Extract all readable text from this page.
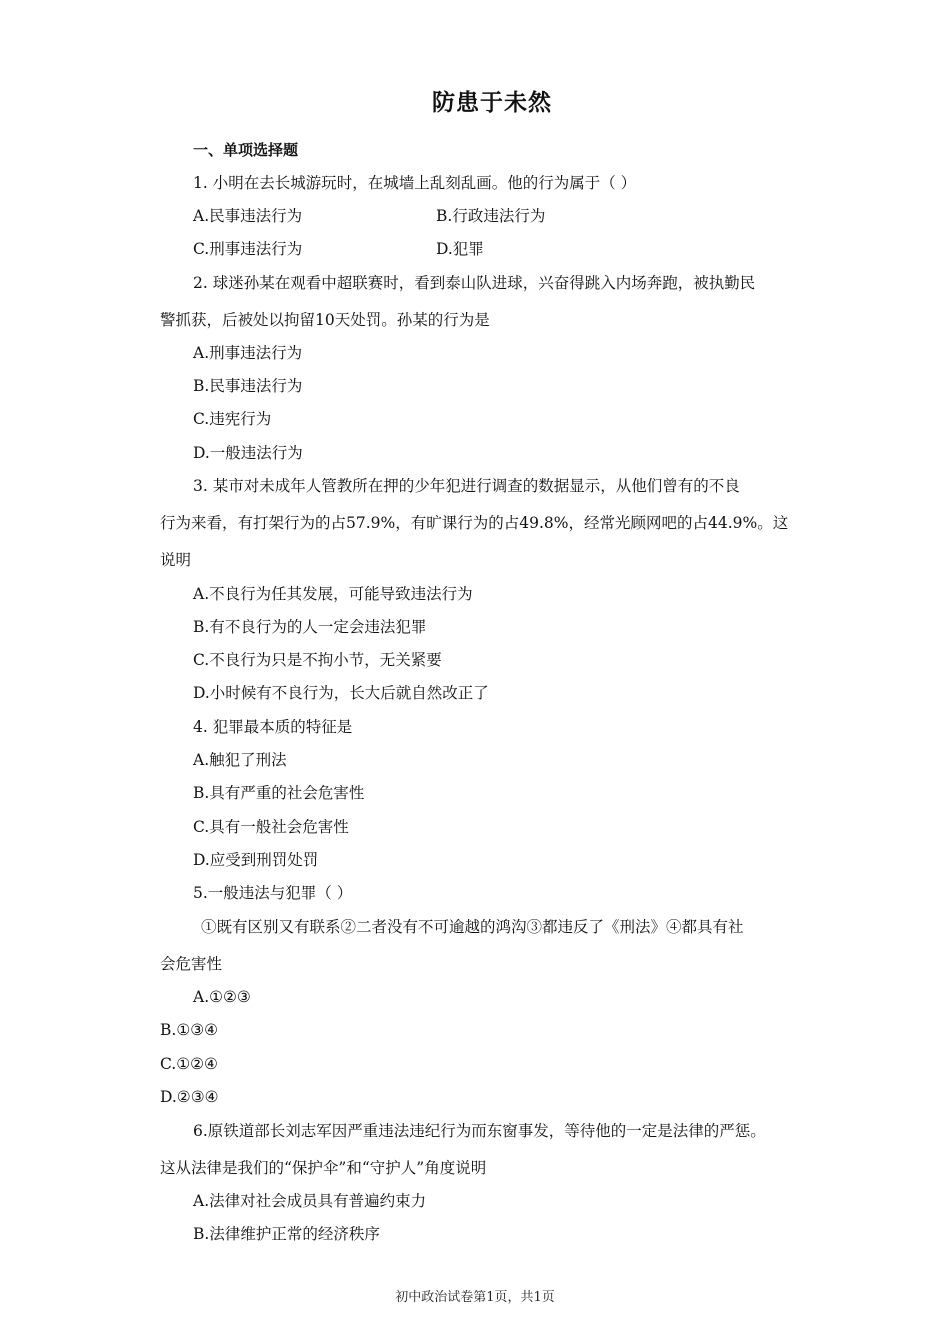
防患于未然
一、单项选择题
1. 小明在去长城游玩时，在城墙上乱刻乱画。他的行为属于（ ）
A.民事违法行为	B.行政违法行为
C.刑事违法行为	D.犯罪
2. 球迷孙某在观看中超联赛时，看到泰山队进球，兴奋得跳入内场奔跑，被执勤民
警抓获，后被处以拘留10天处罚。孙某的行为是
A.刑事违法行为
B.民事违法行为
C.违宪行为
D.一般违法行为
3. 某市对未成年人管教所在押的少年犯进行调查的数据显示，从他们曾有的不良
行为来看，有打架行为的占57.9%，有旷课行为的占49.8%，经常光顾网吧的占44.9%。这
说明
A.不良行为任其发展，可能导致违法行为
B.有不良行为的人一定会违法犯罪
C.不良行为只是不拘小节，无关紧要
D.小时候有不良行为，长大后就自然改正了
4. 犯罪最本质的特征是
A.触犯了刑法
B.具有严重的社会危害性
C.具有一般社会危害性
D.应受到刑罚处罚
5.一般违法与犯罪（ ）
①既有区别又有联系②二者没有不可逾越的鸿沟③都违反了《刑法》④都具有社
会危害性
A.①②③
B.①③④
C.①②④
D.②③④
6.原铁道部长刘志军因严重违法违纪行为而东窗事发，等待他的一定是法律的严惩。
这从法律是我们的“保护伞”和“守护人”角度说明
A.法律对社会成员具有普遍约束力
B.法律维护正常的经济秩序
初中政治试卷第1页，共1页
